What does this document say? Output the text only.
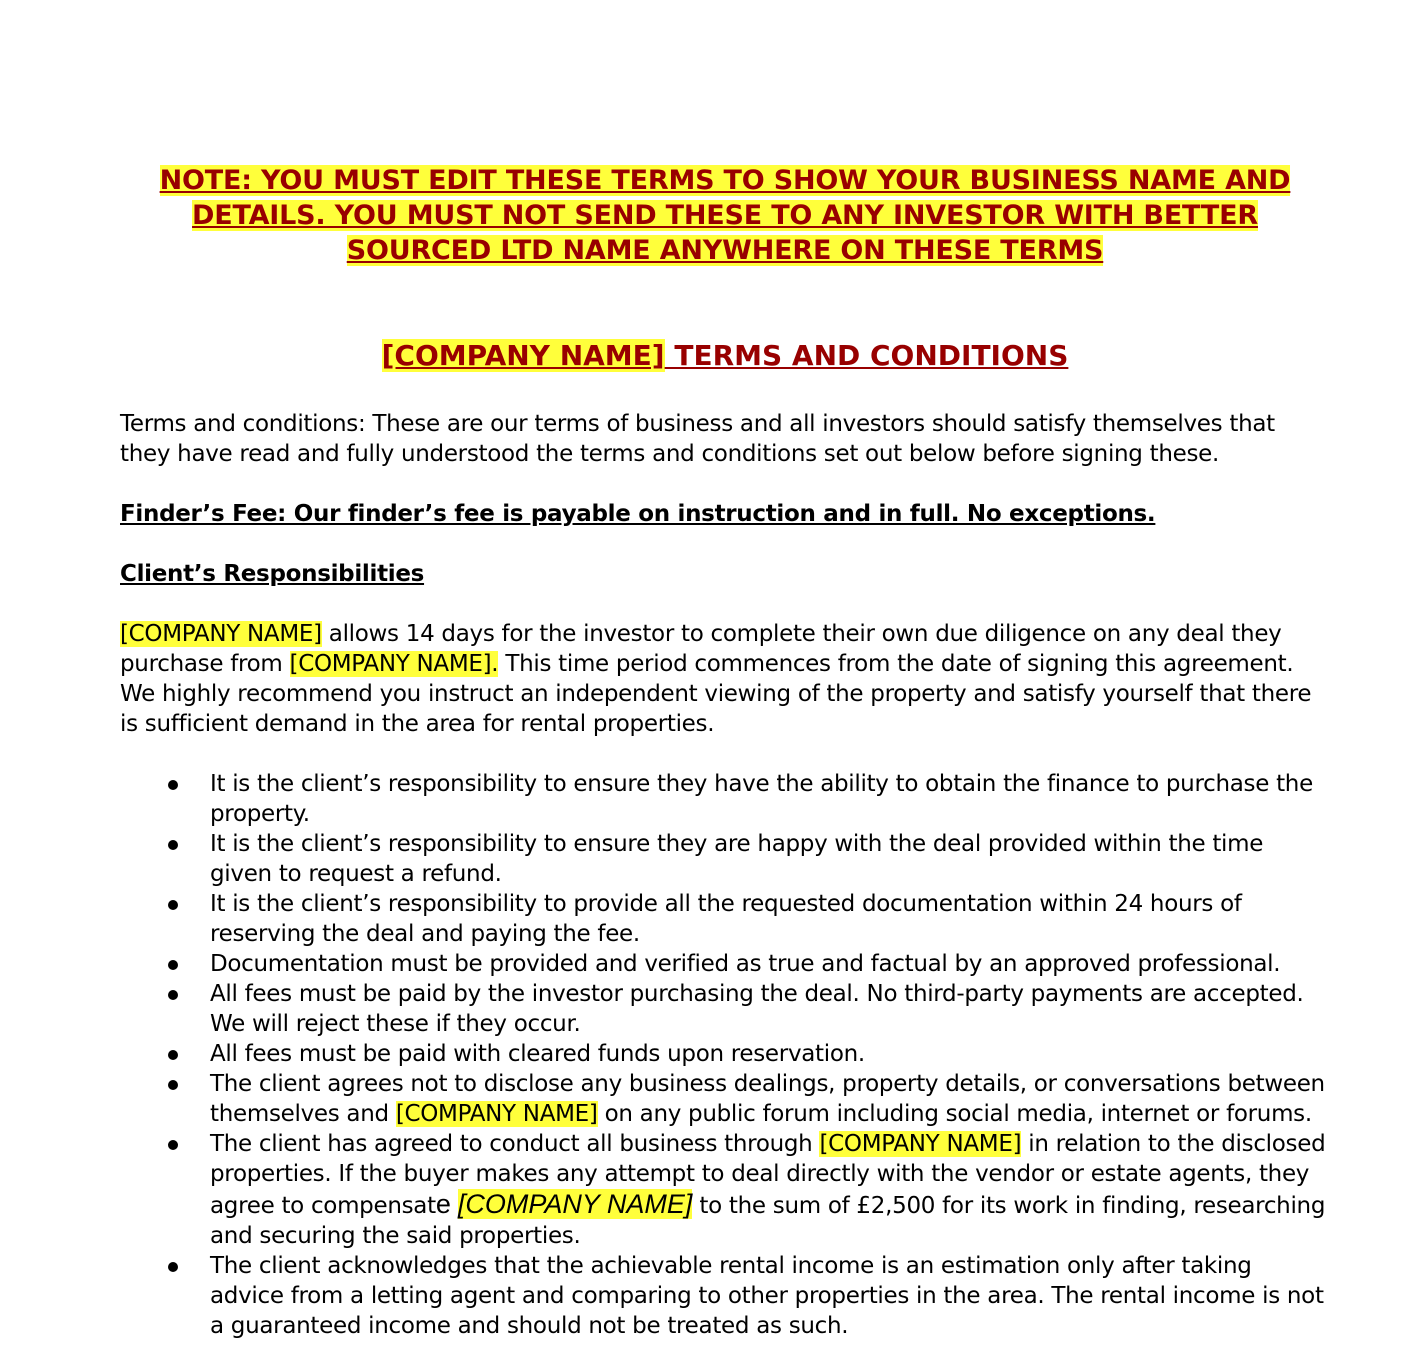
NOTE: YOU MUST EDIT THESE TERMS TO SHOW YOUR BUSINESS NAME AND
DETAILS. YOU MUST NOT SEND THESE TO ANY INVESTOR WITH BETTER
SOURCED LTD NAME ANYWHERE ON THESE TERMS
[COMPANY NAME] TERMS AND CONDITIONS
Terms and conditions: These are our terms of business and all investors should satisfy themselves that they have read and fully understood the terms and conditions set out below before signing these.
Finder’s Fee: Our finder’s fee is payable on instruction and in full. No exceptions.
Client’s Responsibilities
[COMPANY NAME] allows 14 days for the investor to complete their own due diligence on any deal they purchase from [COMPANY NAME]. This time period commences from the date of signing this agreement. We highly recommend you instruct an independent viewing of the property and satisfy yourself that there is sufficient demand in the area for rental properties.
It is the client’s responsibility to ensure they have the ability to obtain the finance to purchase the property.
It is the client’s responsibility to ensure they are happy with the deal provided within the time given to request a refund.
It is the client’s responsibility to provide all the requested documentation within 24 hours of reserving the deal and paying the fee.
Documentation must be provided and verified as true and factual by an approved professional.
All fees must be paid by the investor purchasing the deal. No third-party payments are accepted. We will reject these if they occur.
All fees must be paid with cleared funds upon reservation.
The client agrees not to disclose any business dealings, property details, or conversations between themselves and [COMPANY NAME] on any public forum including social media, internet or forums.
The client has agreed to conduct all business through [COMPANY NAME] in relation to the disclosed properties. If the buyer makes any attempt to deal directly with the vendor or estate agents, they agree to compensate [COMPANY NAME] to the sum of £2,500 for its work in finding, researching and securing the said properties.
The client acknowledges that the achievable rental income is an estimation only after taking advice from a letting agent and comparing to other properties in the area. The rental income is not a guaranteed income and should not be treated as such.
